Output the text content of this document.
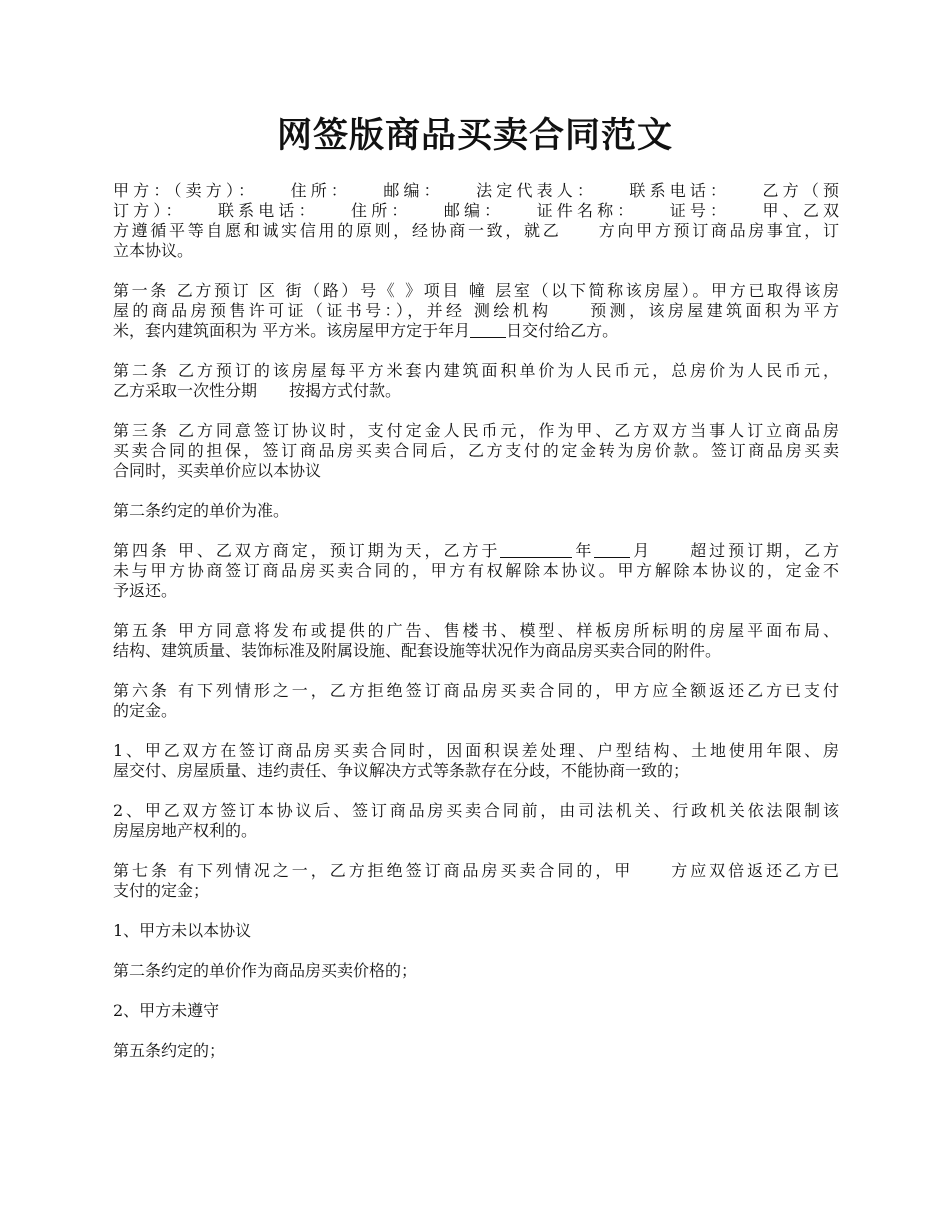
网签版商品买卖合同范文

甲方：（卖方）：　　住所：　　邮编：　　法定代表人：　　联系电话：　　乙方（预
订方）：　　联系电话：　　住所：　　邮编：　　证件名称：　　证号：　　甲、乙双
方遵循平等自愿和诚实信用的原则，经协商一致，就乙　　方向甲方预订商品房事宜，订
立本协议。

第一条 乙方预订 区 街（路）号《 》项目 幢 层室（以下简称该房屋）。甲方已取得该房
屋的商品房预售许可证（证书号：），并经 测绘机构　　预测，该房屋建筑面积为平方
米，套内建筑面积为 平方米。该房屋甲方定于年月 日交付给乙方。

第二条 乙方预订的该房屋每平方米套内建筑面积单价为人民币元，总房价为人民币元，
乙方采取一次性分期　　按揭方式付款。

第三条 乙方同意签订协议时，支付定金人民币元，作为甲、乙方双方当事人订立商品房
买卖合同的担保，签订商品房买卖合同后，乙方支付的定金转为房价款。签订商品房买卖
合同时，买卖单价应以本协议

第二条约定的单价为准。

第四条 甲、乙双方商定，预订期为天，乙方于	年 月　　超过预订期，乙方
未与甲方协商签订商品房买卖合同的，甲方有权解除本协议。甲方解除本协议的，定金不
予返还。

第五条 甲方同意将发布或提供的广告、售楼书、模型、样板房所标明的房屋平面布局、
结构、建筑质量、装饰标准及附属设施、配套设施等状况作为商品房买卖合同的附件。

第六条 有下列情形之一，乙方拒绝签订商品房买卖合同的，甲方应全额返还乙方已支付
的定金。

1、甲乙双方在签订商品房买卖合同时，因面积误差处理、户型结构、土地使用年限、房
屋交付、房屋质量、违约责任、争议解决方式等条款存在分歧，不能协商一致的；

2、甲乙双方签订本协议后、签订商品房买卖合同前，由司法机关、行政机关依法限制该
房屋房地产权利的。

第七条 有下列情况之一，乙方拒绝签订商品房买卖合同的，甲　　方应双倍返还乙方已
支付的定金；

1、甲方未以本协议

第二条约定的单价作为商品房买卖价格的；

2、甲方未遵守

第五条约定的；
